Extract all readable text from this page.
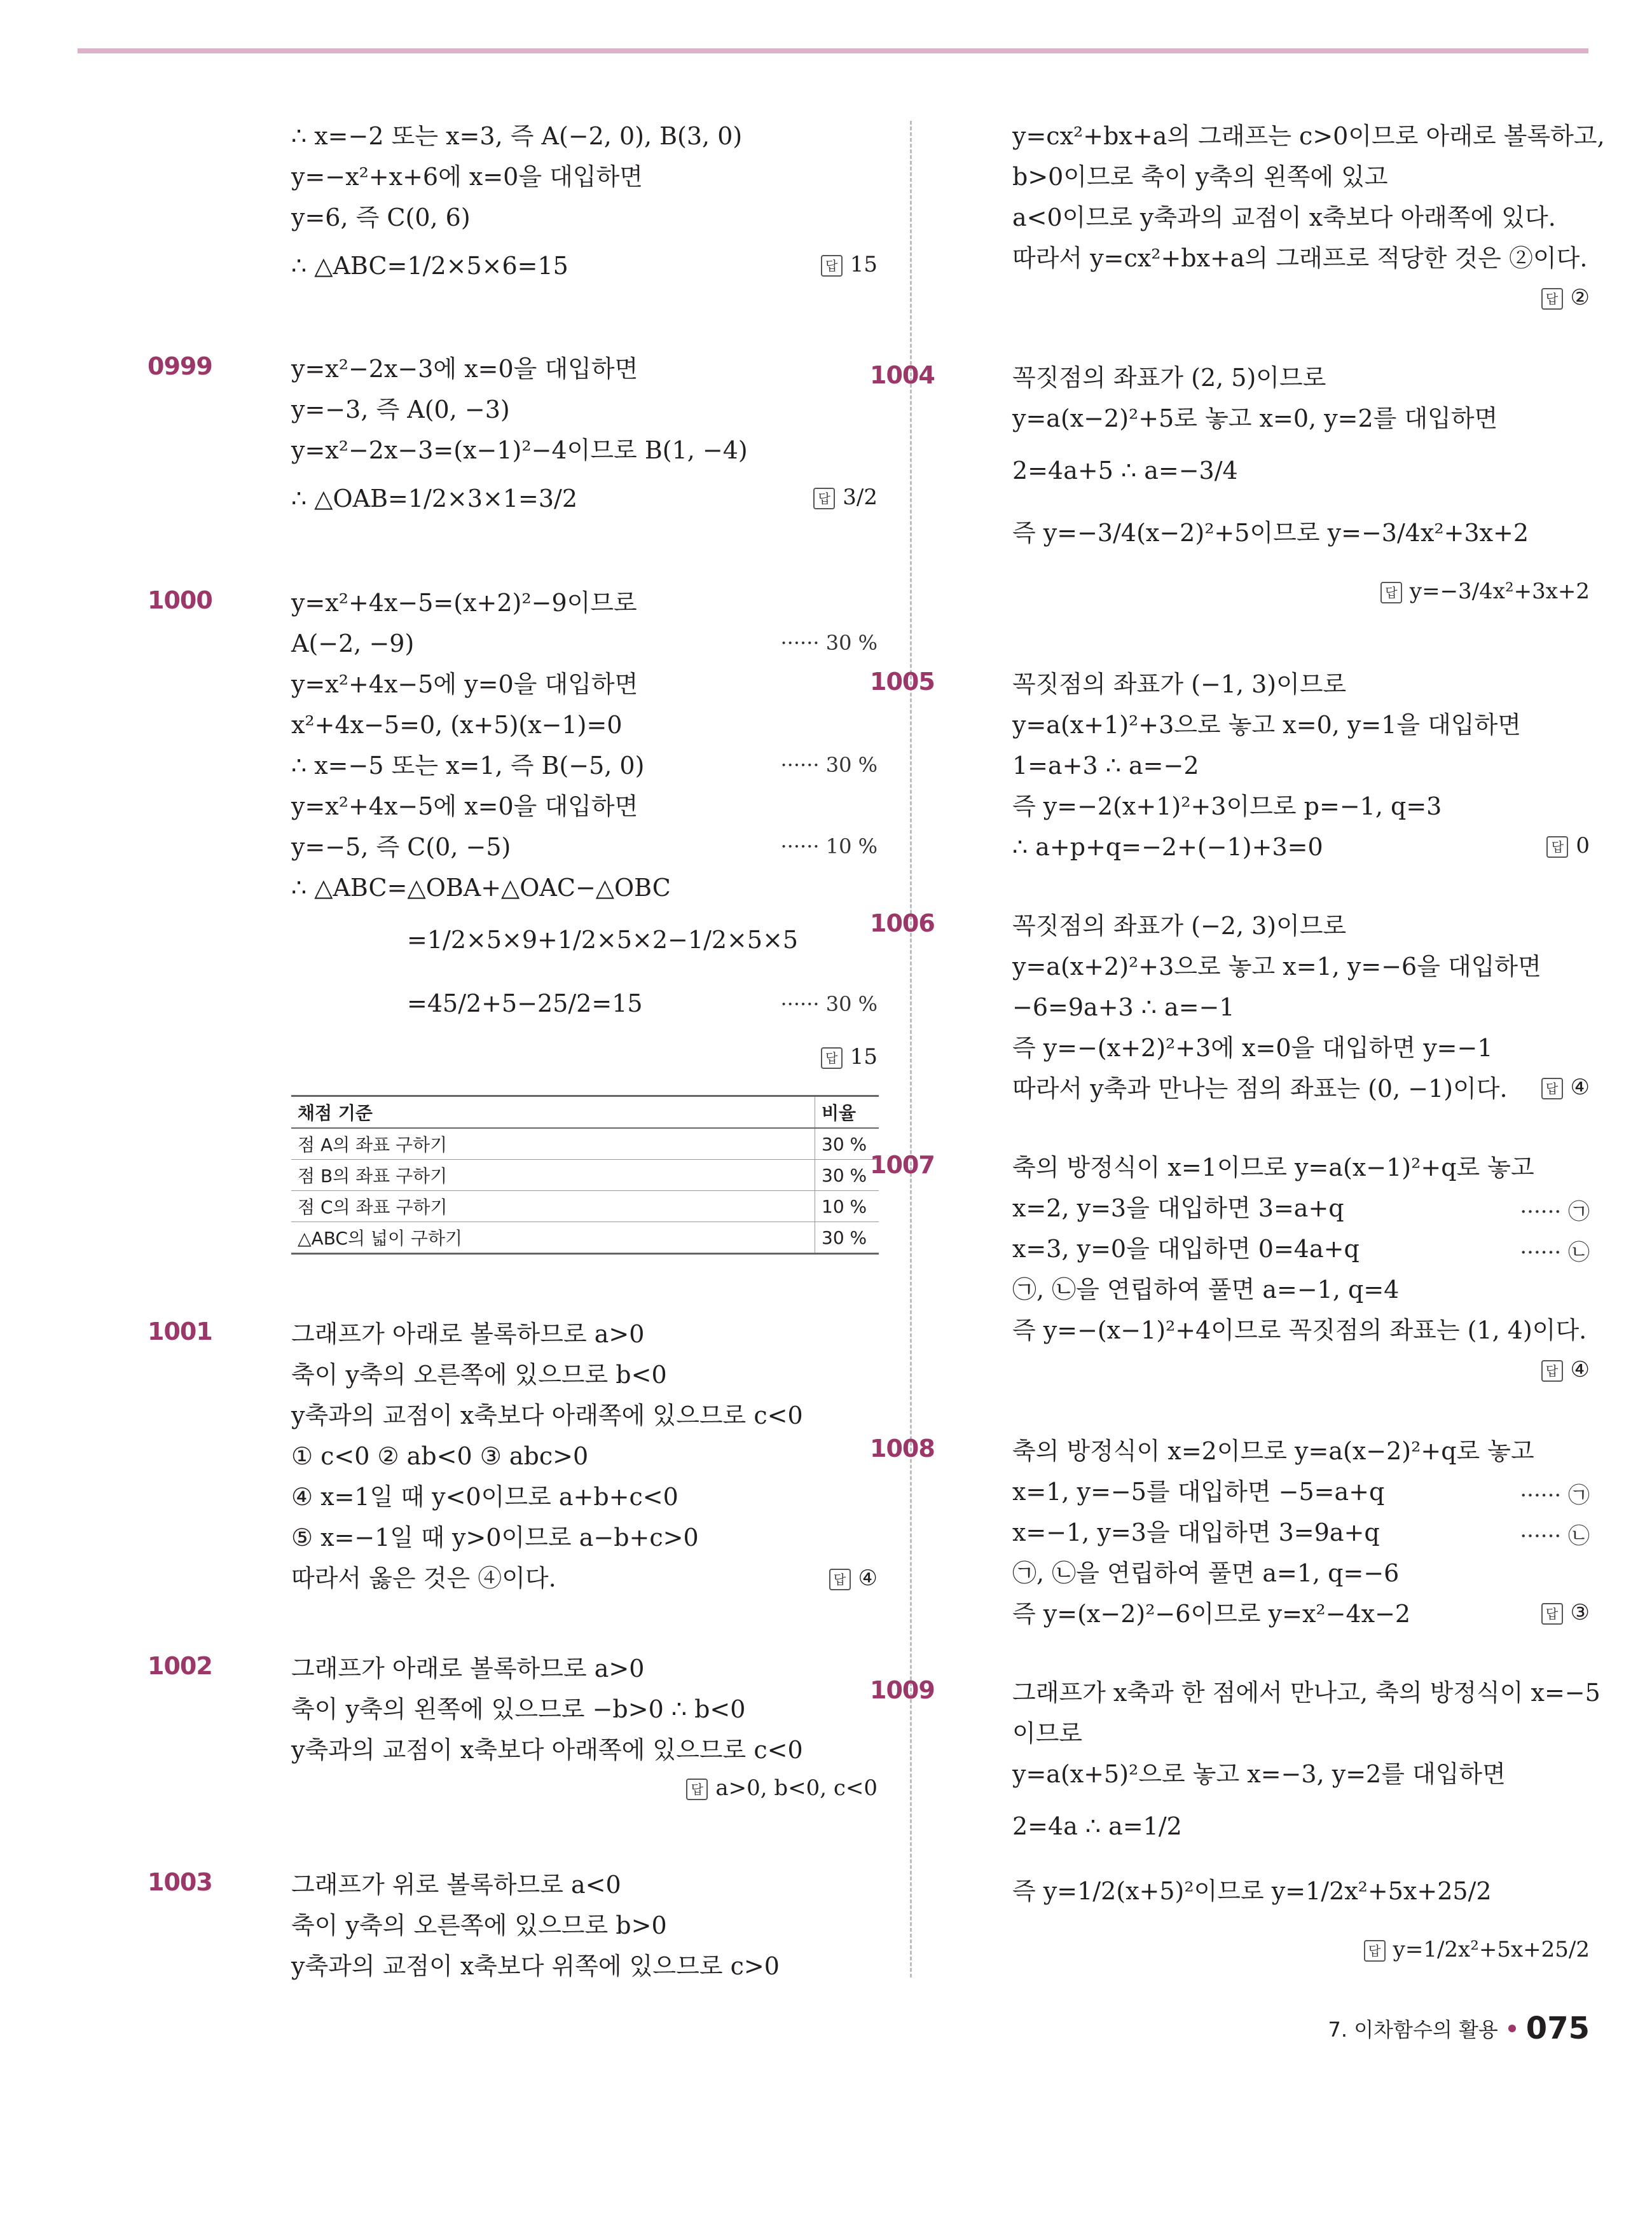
∴ x=−2 또는 x=3, 즉 A(−2, 0), B(3, 0)
y=−x²+x+6에 x=0을 대입하면
y=6, 즉 C(0, 6)
∴ △ABC=1/2×5×6=15	답 15
0999	y=x²−2x−3에 x=0을 대입하면
y=−3, 즉 A(0, −3)
y=x²−2x−3=(x−1)²−4이므로 B(1, −4)
∴ △OAB=1/2×3×1=3/2	답 3/2
1000	y=x²+4x−5=(x+2)²−9이므로
A(−2, −9)	······ 30 %
y=x²+4x−5에 y=0을 대입하면
x²+4x−5=0, (x+5)(x−1)=0
∴ x=−5 또는 x=1, 즉 B(−5, 0)	······ 30 %
y=x²+4x−5에 x=0을 대입하면
y=−5, 즉 C(0, −5)	······ 10 %
∴ △ABC=△OBA+△OAC−△OBC
=1/2×5×9+1/2×5×2−1/2×5×5
=45/2+5−25/2=15	······ 30 %
답 15
채점 기준	비율
점 A의 좌표 구하기	30 %
점 B의 좌표 구하기	30 %
점 C의 좌표 구하기	10 %
△ABC의 넓이 구하기	30 %
1001	그래프가 아래로 볼록하므로 a>0
축이 y축의 오른쪽에 있으므로 b<0
y축과의 교점이 x축보다 아래쪽에 있으므로 c<0
① c<0 ② ab<0 ③ abc>0
④ x=1일 때 y<0이므로 a+b+c<0
⑤ x=−1일 때 y>0이므로 a−b+c>0
따라서 옳은 것은 ④이다.	답 ④
1002	그래프가 아래로 볼록하므로 a>0
축이 y축의 왼쪽에 있으므로 −b>0 ∴ b<0
y축과의 교점이 x축보다 아래쪽에 있으므로 c<0
답 a>0, b<0, c<0
1003	그래프가 위로 볼록하므로 a<0
축이 y축의 오른쪽에 있으므로 b>0
y축과의 교점이 x축보다 위쪽에 있으므로 c>0
y=cx²+bx+a의 그래프는 c>0이므로 아래로 볼록하고,
b>0이므로 축이 y축의 왼쪽에 있고
a<0이므로 y축과의 교점이 x축보다 아래쪽에 있다.
따라서 y=cx²+bx+a의 그래프로 적당한 것은 ②이다.
답 ②
1004	꼭짓점의 좌표가 (2, 5)이므로
y=a(x−2)²+5로 놓고 x=0, y=2를 대입하면
2=4a+5 ∴ a=−3/4
즉 y=−3/4(x−2)²+5이므로 y=−3/4x²+3x+2
답 y=−3/4x²+3x+2
1005	꼭짓점의 좌표가 (−1, 3)이므로
y=a(x+1)²+3으로 놓고 x=0, y=1을 대입하면
1=a+3 ∴ a=−2
즉 y=−2(x+1)²+3이므로 p=−1, q=3
∴ a+p+q=−2+(−1)+3=0	답 0
1006	꼭짓점의 좌표가 (−2, 3)이므로
y=a(x+2)²+3으로 놓고 x=1, y=−6을 대입하면
−6=9a+3 ∴ a=−1
즉 y=−(x+2)²+3에 x=0을 대입하면 y=−1
따라서 y축과 만나는 점의 좌표는 (0, −1)이다.	답 ④
1007	축의 방정식이 x=1이므로 y=a(x−1)²+q로 놓고
x=2, y=3을 대입하면 3=a+q	······ ㉠
x=3, y=0을 대입하면 0=4a+q	······ ㉡
㉠, ㉡을 연립하여 풀면 a=−1, q=4
즉 y=−(x−1)²+4이므로 꼭짓점의 좌표는 (1, 4)이다.
답 ④
1008	축의 방정식이 x=2이므로 y=a(x−2)²+q로 놓고
x=1, y=−5를 대입하면 −5=a+q	······ ㉠
x=−1, y=3을 대입하면 3=9a+q	······ ㉡
㉠, ㉡을 연립하여 풀면 a=1, q=−6
즉 y=(x−2)²−6이므로 y=x²−4x−2	답 ③
1009	그래프가 x축과 한 점에서 만나고, 축의 방정식이 x=−5
이므로
y=a(x+5)²으로 놓고 x=−3, y=2를 대입하면
2=4a ∴ a=1/2
즉 y=1/2(x+5)²이므로 y=1/2x²+5x+25/2
답 y=1/2x²+5x+25/2
7. 이차함수의 활용 075
